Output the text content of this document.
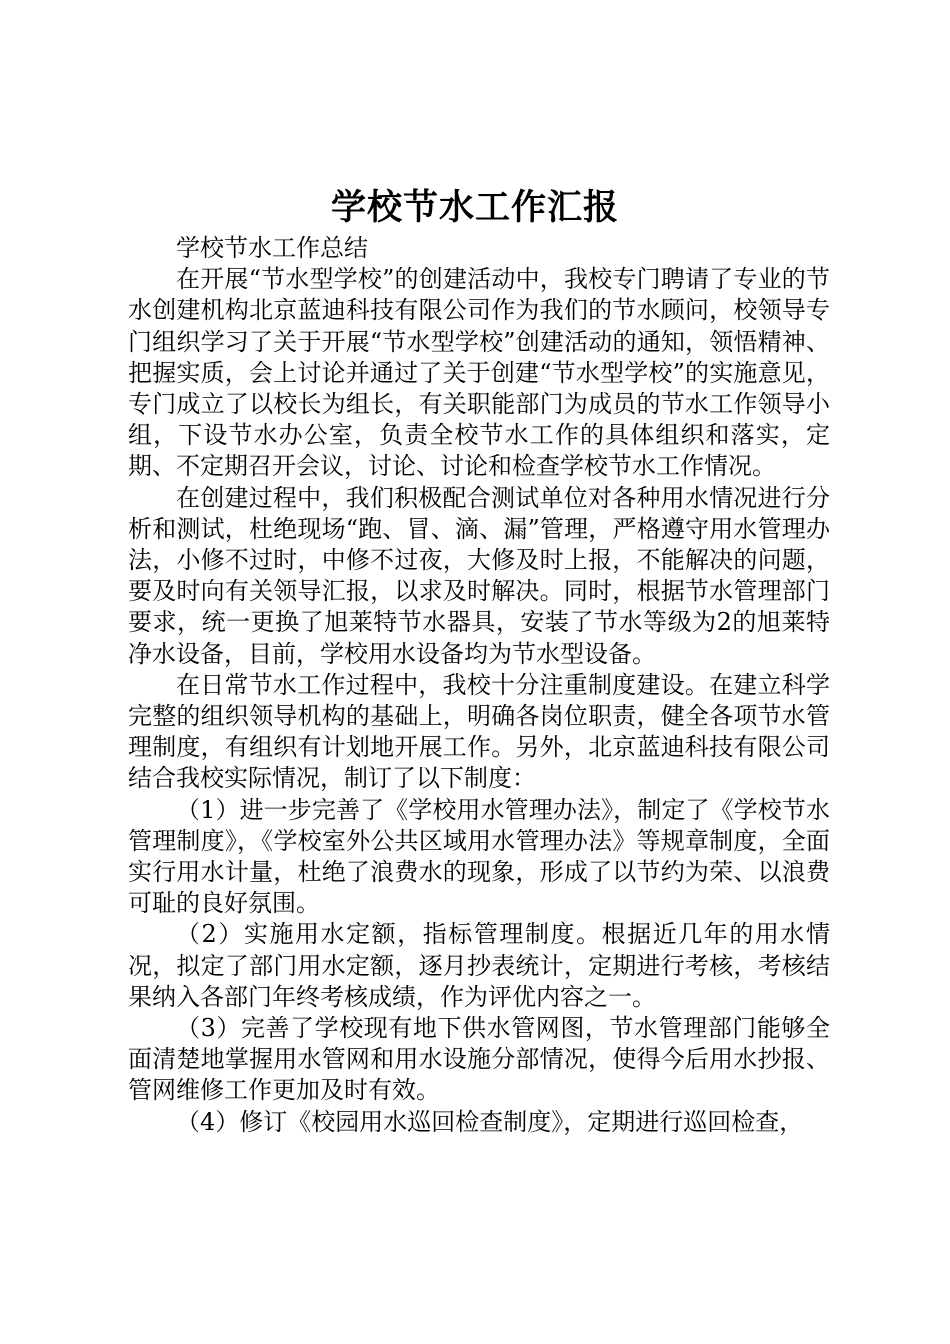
学校节水工作汇报

学校节水工作总结

在开展“节水型学校”的创建活动中，我校专门聘请了专业的节水创建机构北京蓝迪科技有限公司作为我们的节水顾问，校领导专门组织学习了关于开展“节水型学校”创建活动的通知，领悟精神、把握实质，会上讨论并通过了关于创建“节水型学校”的实施意见，专门成立了以校长为组长，有关职能部门为成员的节水工作领导小组，下设节水办公室，负责全校节水工作的具体组织和落实，定期、不定期召开会议，讨论、讨论和检查学校节水工作情况。

在创建过程中，我们积极配合测试单位对各种用水情况进行分析和测试，杜绝现场“跑、冒、滴、漏”管理，严格遵守用水管理办法，小修不过时，中修不过夜，大修及时上报，不能解决的问题，要及时向有关领导汇报，以求及时解决。同时，根据节水管理部门要求，统一更换了旭莱特节水器具，安装了节水等级为2的旭莱特净水设备，目前，学校用水设备均为节水型设备。

在日常节水工作过程中，我校十分注重制度建设。在建立科学完整的组织领导机构的基础上，明确各岗位职责，健全各项节水管理制度，有组织有计划地开展工作。另外，北京蓝迪科技有限公司结合我校实际情况，制订了以下制度：

（1）进一步完善了《学校用水管理办法》，制定了《学校节水管理制度》，《学校室外公共区域用水管理办法》等规章制度，全面实行用水计量，杜绝了浪费水的现象，形成了以节约为荣、以浪费可耻的良好氛围。

（2）实施用水定额，指标管理制度。根据近几年的用水情况，拟定了部门用水定额，逐月抄表统计，定期进行考核，考核结果纳入各部门年终考核成绩，作为评优内容之一。

（3）完善了学校现有地下供水管网图，节水管理部门能够全面清楚地掌握用水管网和用水设施分部情况，使得今后用水抄报、管网维修工作更加及时有效。

（4）修订《校园用水巡回检查制度》，定期进行巡回检查，
